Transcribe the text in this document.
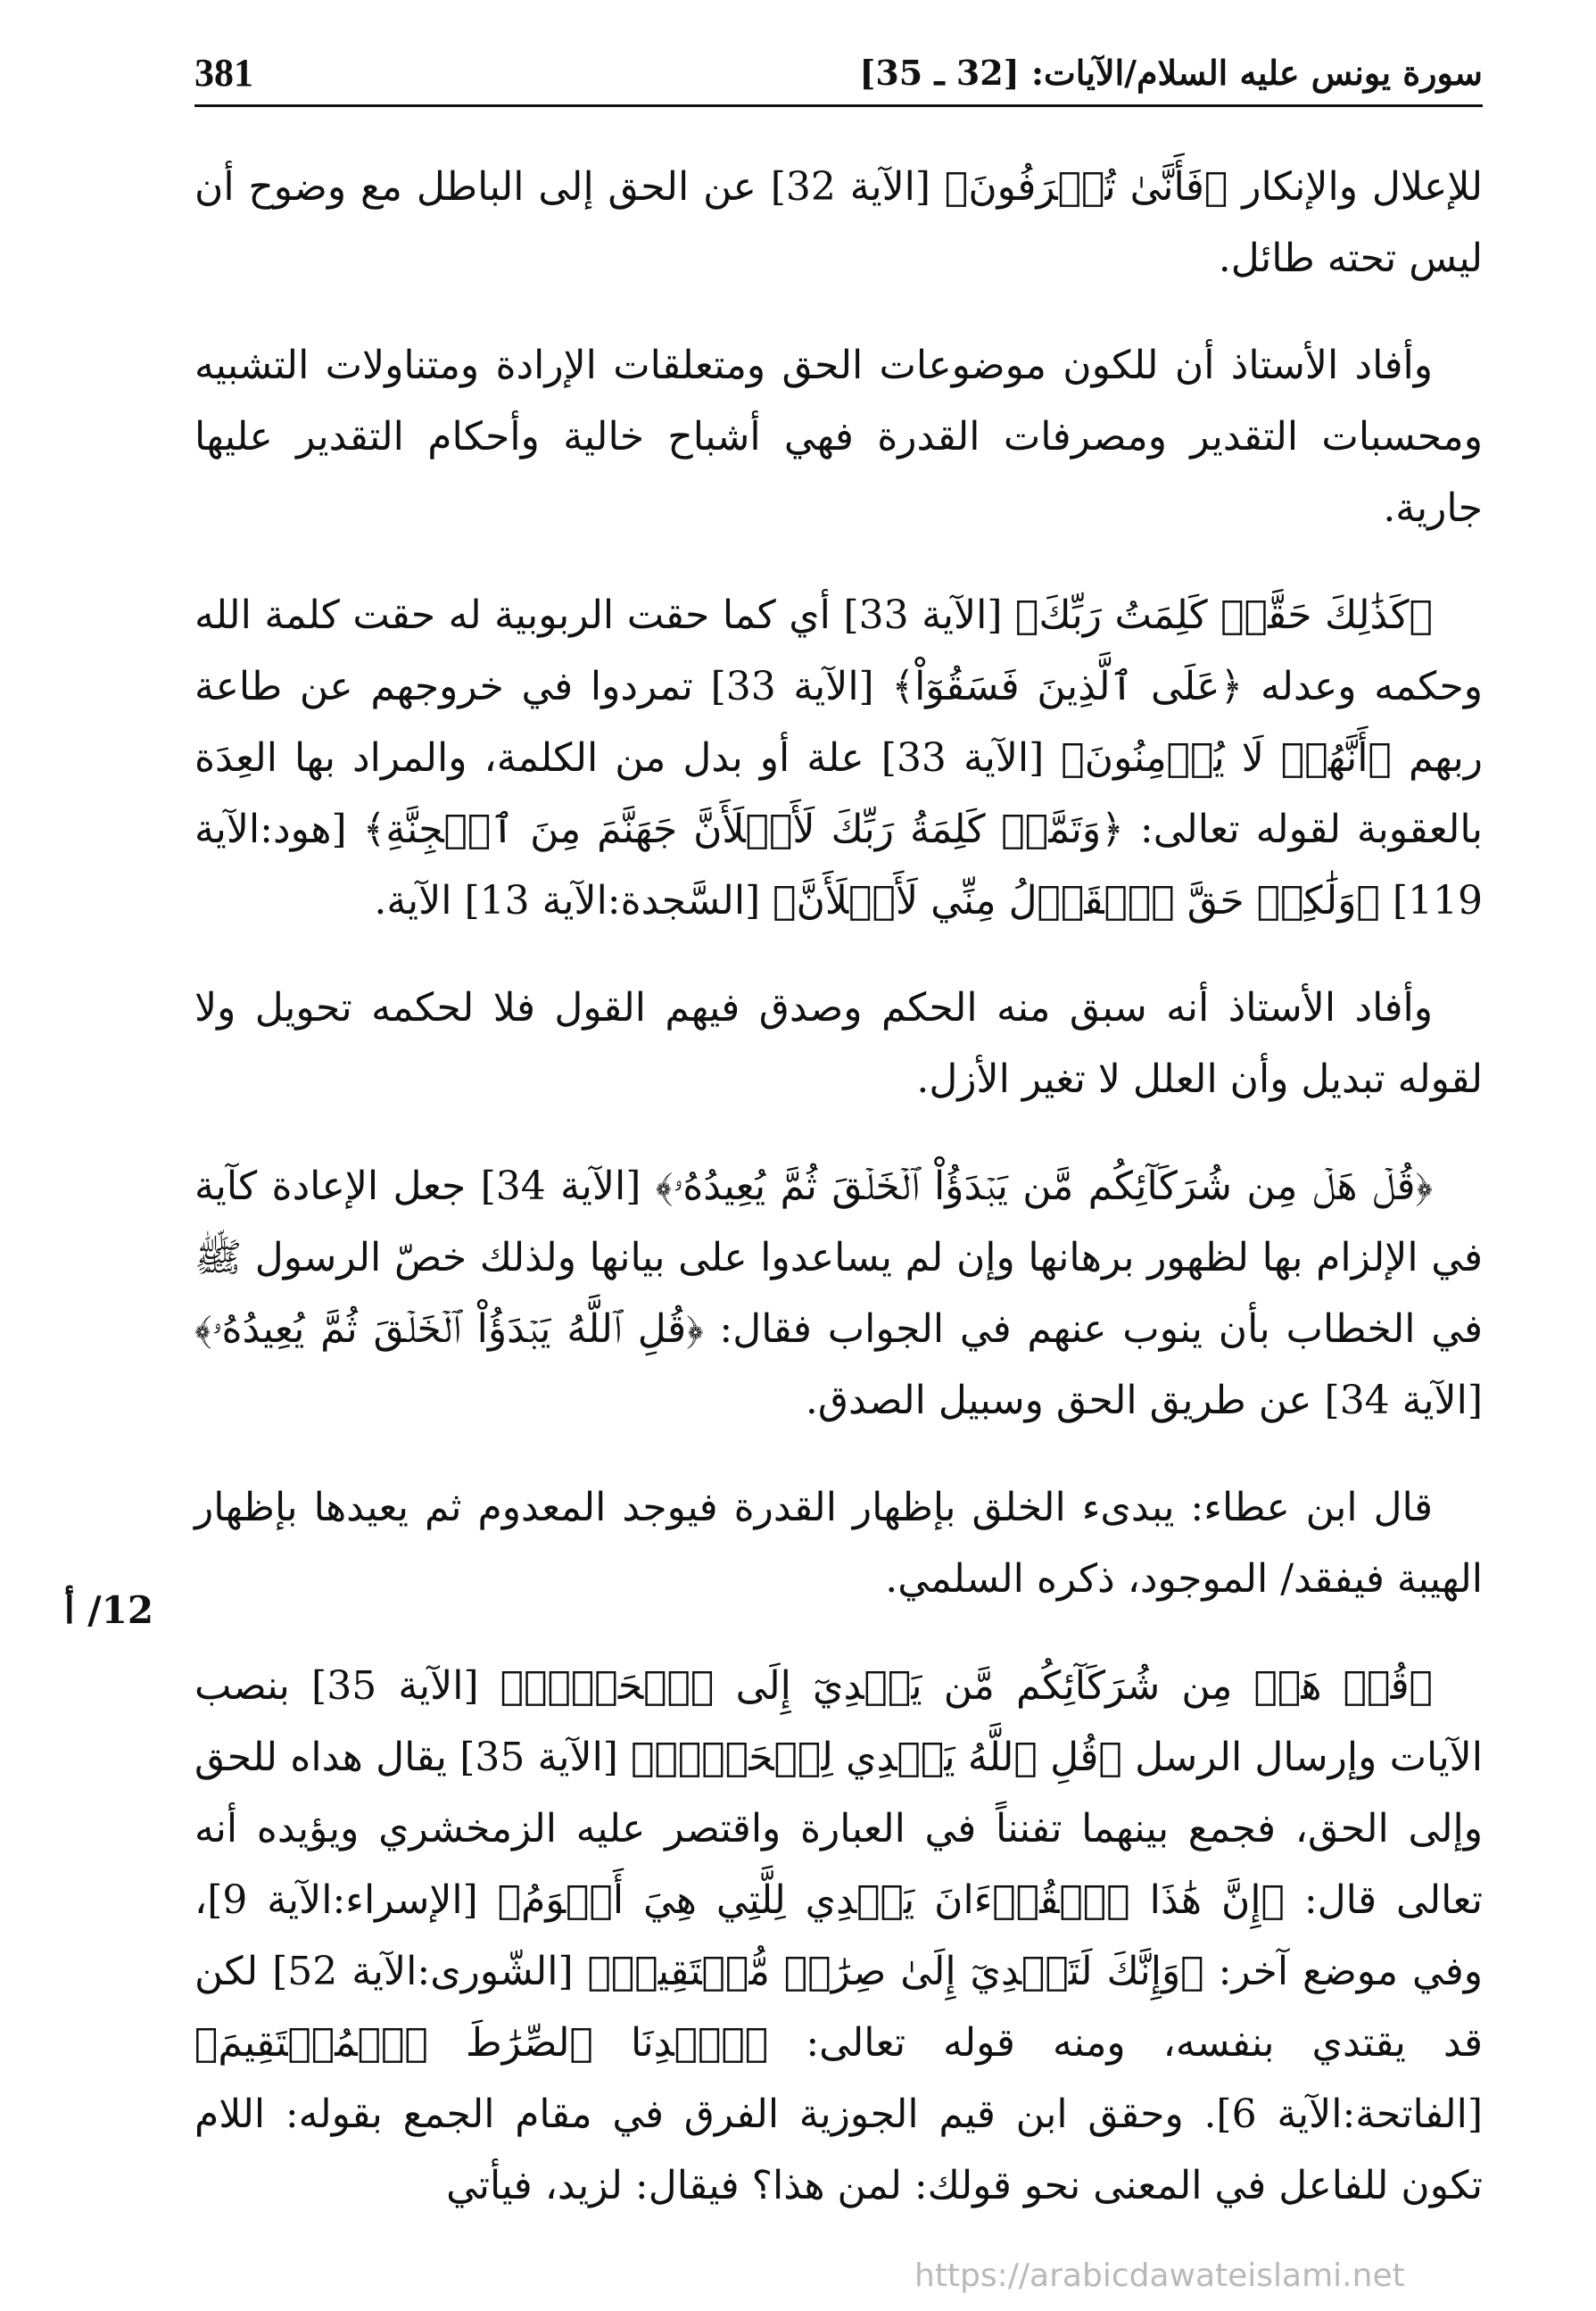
سورة يونس عليه السلام/الآيات: [32 ـ 35]
381

للإعلال والإنكار ﴿فَأَنَّىٰ تُصۡرَفُونَ﴾ [الآية 32] عن الحق إلى الباطل مع وضوح أن ليس تحته طائل.

وأفاد الأستاذ أن للكون موضوعات الحق ومتعلقات الإرادة ومتناولات التشبيه ومحسبات التقدير ومصرفات القدرة فهي أشباح خالية وأحكام التقدير عليها جارية.

﴿كَذَٰلِكَ حَقَّتۡ كَلِمَتُ رَبِّكَ﴾ [الآية 33] أي كما حقت الربوبية له حقت كلمة الله وحكمه وعدله ﴿عَلَى ٱلَّذِينَ فَسَقُوٓاْ﴾ [الآية 33] تمردوا في خروجهم عن طاعة ربهم ﴿أَنَّهُمۡ لَا يُؤۡمِنُونَ﴾ [الآية 33] علة أو بدل من الكلمة، والمراد بها العِدَة بالعقوبة لقوله تعالى: ﴿وَتَمَّتۡ كَلِمَةُ رَبِّكَ لَأَمۡلَأَنَّ جَهَنَّمَ مِنَ ٱلۡجِنَّةِ﴾ [هود:الآية 119] ﴿وَلَٰكِنۡ حَقَّ ٱلۡقَوۡلُ مِنِّي لَأَمۡلَأَنَّ﴾ [السَّجدة:الآية 13] الآية.

وأفاد الأستاذ أنه سبق منه الحكم وصدق فيهم القول فلا لحكمه تحويل ولا لقوله تبديل وأن العلل لا تغير الأزل.

﴿قُلۡ هَلۡ مِن شُرَكَآئِكُم مَّن يَبۡدَؤُاْ ٱلۡخَلۡقَ ثُمَّ يُعِيدُهُۥ﴾ [الآية 34] جعل الإعادة كآية في الإلزام بها لظهور برهانها وإن لم يساعدوا على بيانها ولذلك خصّ الرسول ﷺ في الخطاب بأن ينوب عنهم في الجواب فقال: ﴿قُلِ ٱللَّهُ يَبۡدَؤُاْ ٱلۡخَلۡقَ ثُمَّ يُعِيدُهُۥ﴾ [الآية 34] عن طريق الحق وسبيل الصدق.

قال ابن عطاء: يبدىء الخلق بإظهار القدرة فيوجد المعدوم ثم يعيدها بإظهار الهيبة فيفقد/ الموجود، ذكره السلمي.

﴿قُلۡ هَلۡ مِن شُرَكَآئِكُم مَّن يَهۡدِيٓ إِلَى ٱلۡحَقِّۚ﴾ [الآية 35] بنصب الآيات وإرسال الرسل ﴿قُلِ ٱللَّهُ يَهۡدِي لِلۡحَقِّۗ﴾ [الآية 35] يقال هداه للحق وإلى الحق، فجمع بينهما تفنناً في العبارة واقتصر عليه الزمخشري ويؤيده أنه تعالى قال: ﴿إِنَّ هَٰذَا ٱلۡقُرۡءَانَ يَهۡدِي لِلَّتِي هِيَ أَقۡوَمُ﴾ [الإسراء:الآية 9]، وفي موضع آخر: ﴿وَإِنَّكَ لَتَهۡدِيٓ إِلَىٰ صِرَٰطٖ مُّسۡتَقِيمٖ﴾ [الشّورى:الآية 52] لكن قد يقتدي بنفسه، ومنه قوله تعالى: ﴿ٱهۡدِنَا ٱلصِّرَٰطَ ٱلۡمُسۡتَقِيمَ﴾ [الفاتحة:الآية 6]. وحقق ابن قيم الجوزية الفرق في مقام الجمع بقوله: اللام تكون للفاعل في المعنى نحو قولك: لمن هذا؟ فيقال: لزيد، فيأتي

12/ أ
https://arabicdawateislami.net
